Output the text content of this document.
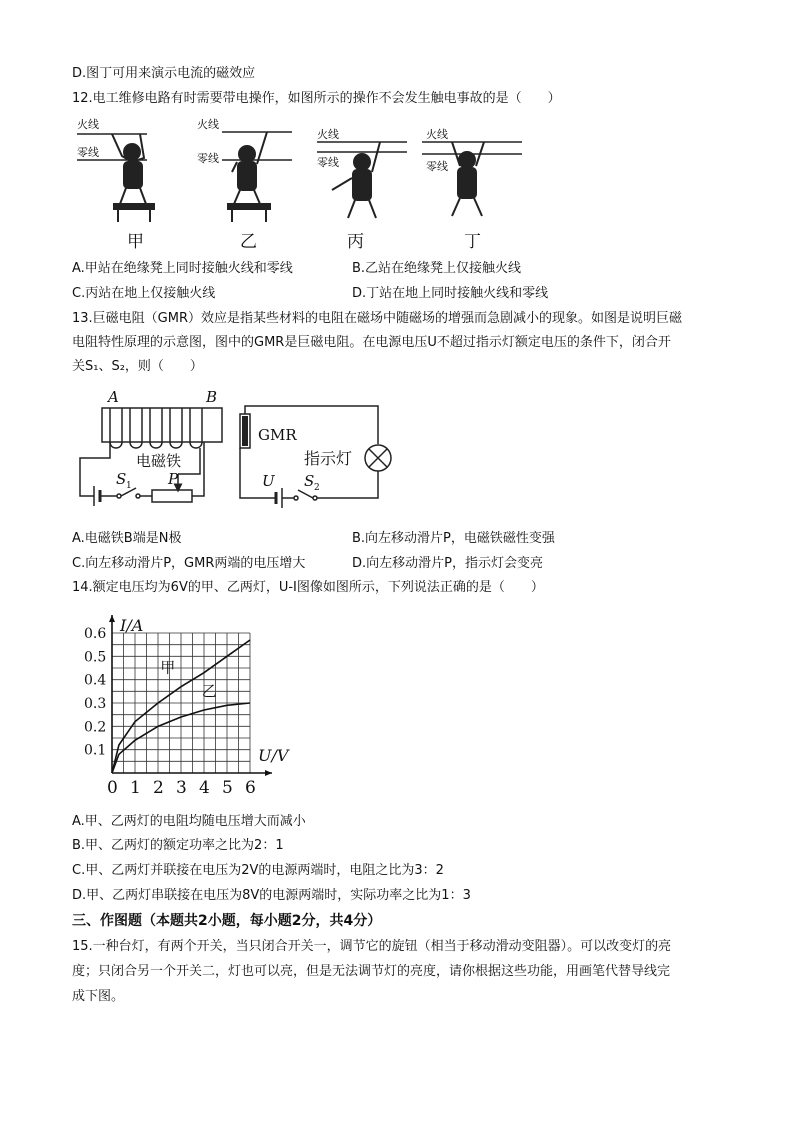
D.图丁可用来演示电流的磁效应
12.电工维修电路有时需要带电操作，如图所示的操作不会发生触电事故的是（　　）
火线
零线
火线
零线
火线
零线
火线
零线
甲	乙	丙	丁
A.甲站在绝缘凳上同时接触火线和零线	B.乙站在绝缘凳上仅接触火线
C.丙站在地上仅接触火线	D.丁站在地上同时接触火线和零线
13.巨磁电阻（GMR）效应是指某些材料的电阻在磁场中随磁场的增强而急剧减小的现象。如图是说明巨磁
电阻特性原理的示意图，图中的GMR是巨磁电阻。在电源电压U不超过指示灯额定电压的条件下，闭合开
关S₁、S₂，则（　　）
A	B
电磁铁
S 1 P
GMR
指示灯
U S 2
A.电磁铁B端是N极	B.向左移动滑片P，电磁铁磁性变强
C.向左移动滑片P，GMR两端的电压增大	D.向左移动滑片P，指示灯会变亮
14.额定电压均为6V的甲、乙两灯，U-I图像如图所示，下列说法正确的是（　　）
0 1 2 3 4 5 6
0.1
0.2
0.3
0.4
0.5
0.6 I/A
U/V
甲
乙
A.甲、乙两灯的电阻均随电压增大而减小
B.甲、乙两灯的额定功率之比为2：1
C.甲、乙两灯并联接在电压为2V的电源两端时，电阻之比为3：2
D.甲、乙两灯串联接在电压为8V的电源两端时，实际功率之比为1：3
三、作图题（本题共2小题，每小题2分，共4分）
15.一种台灯，有两个开关，当只闭合开关一，调节它的旋钮（相当于移动滑动变阻器）。可以改变灯的亮
度；只闭合另一个开关二，灯也可以亮，但是无法调节灯的亮度，请你根据这些功能，用画笔代替导线完
成下图。
